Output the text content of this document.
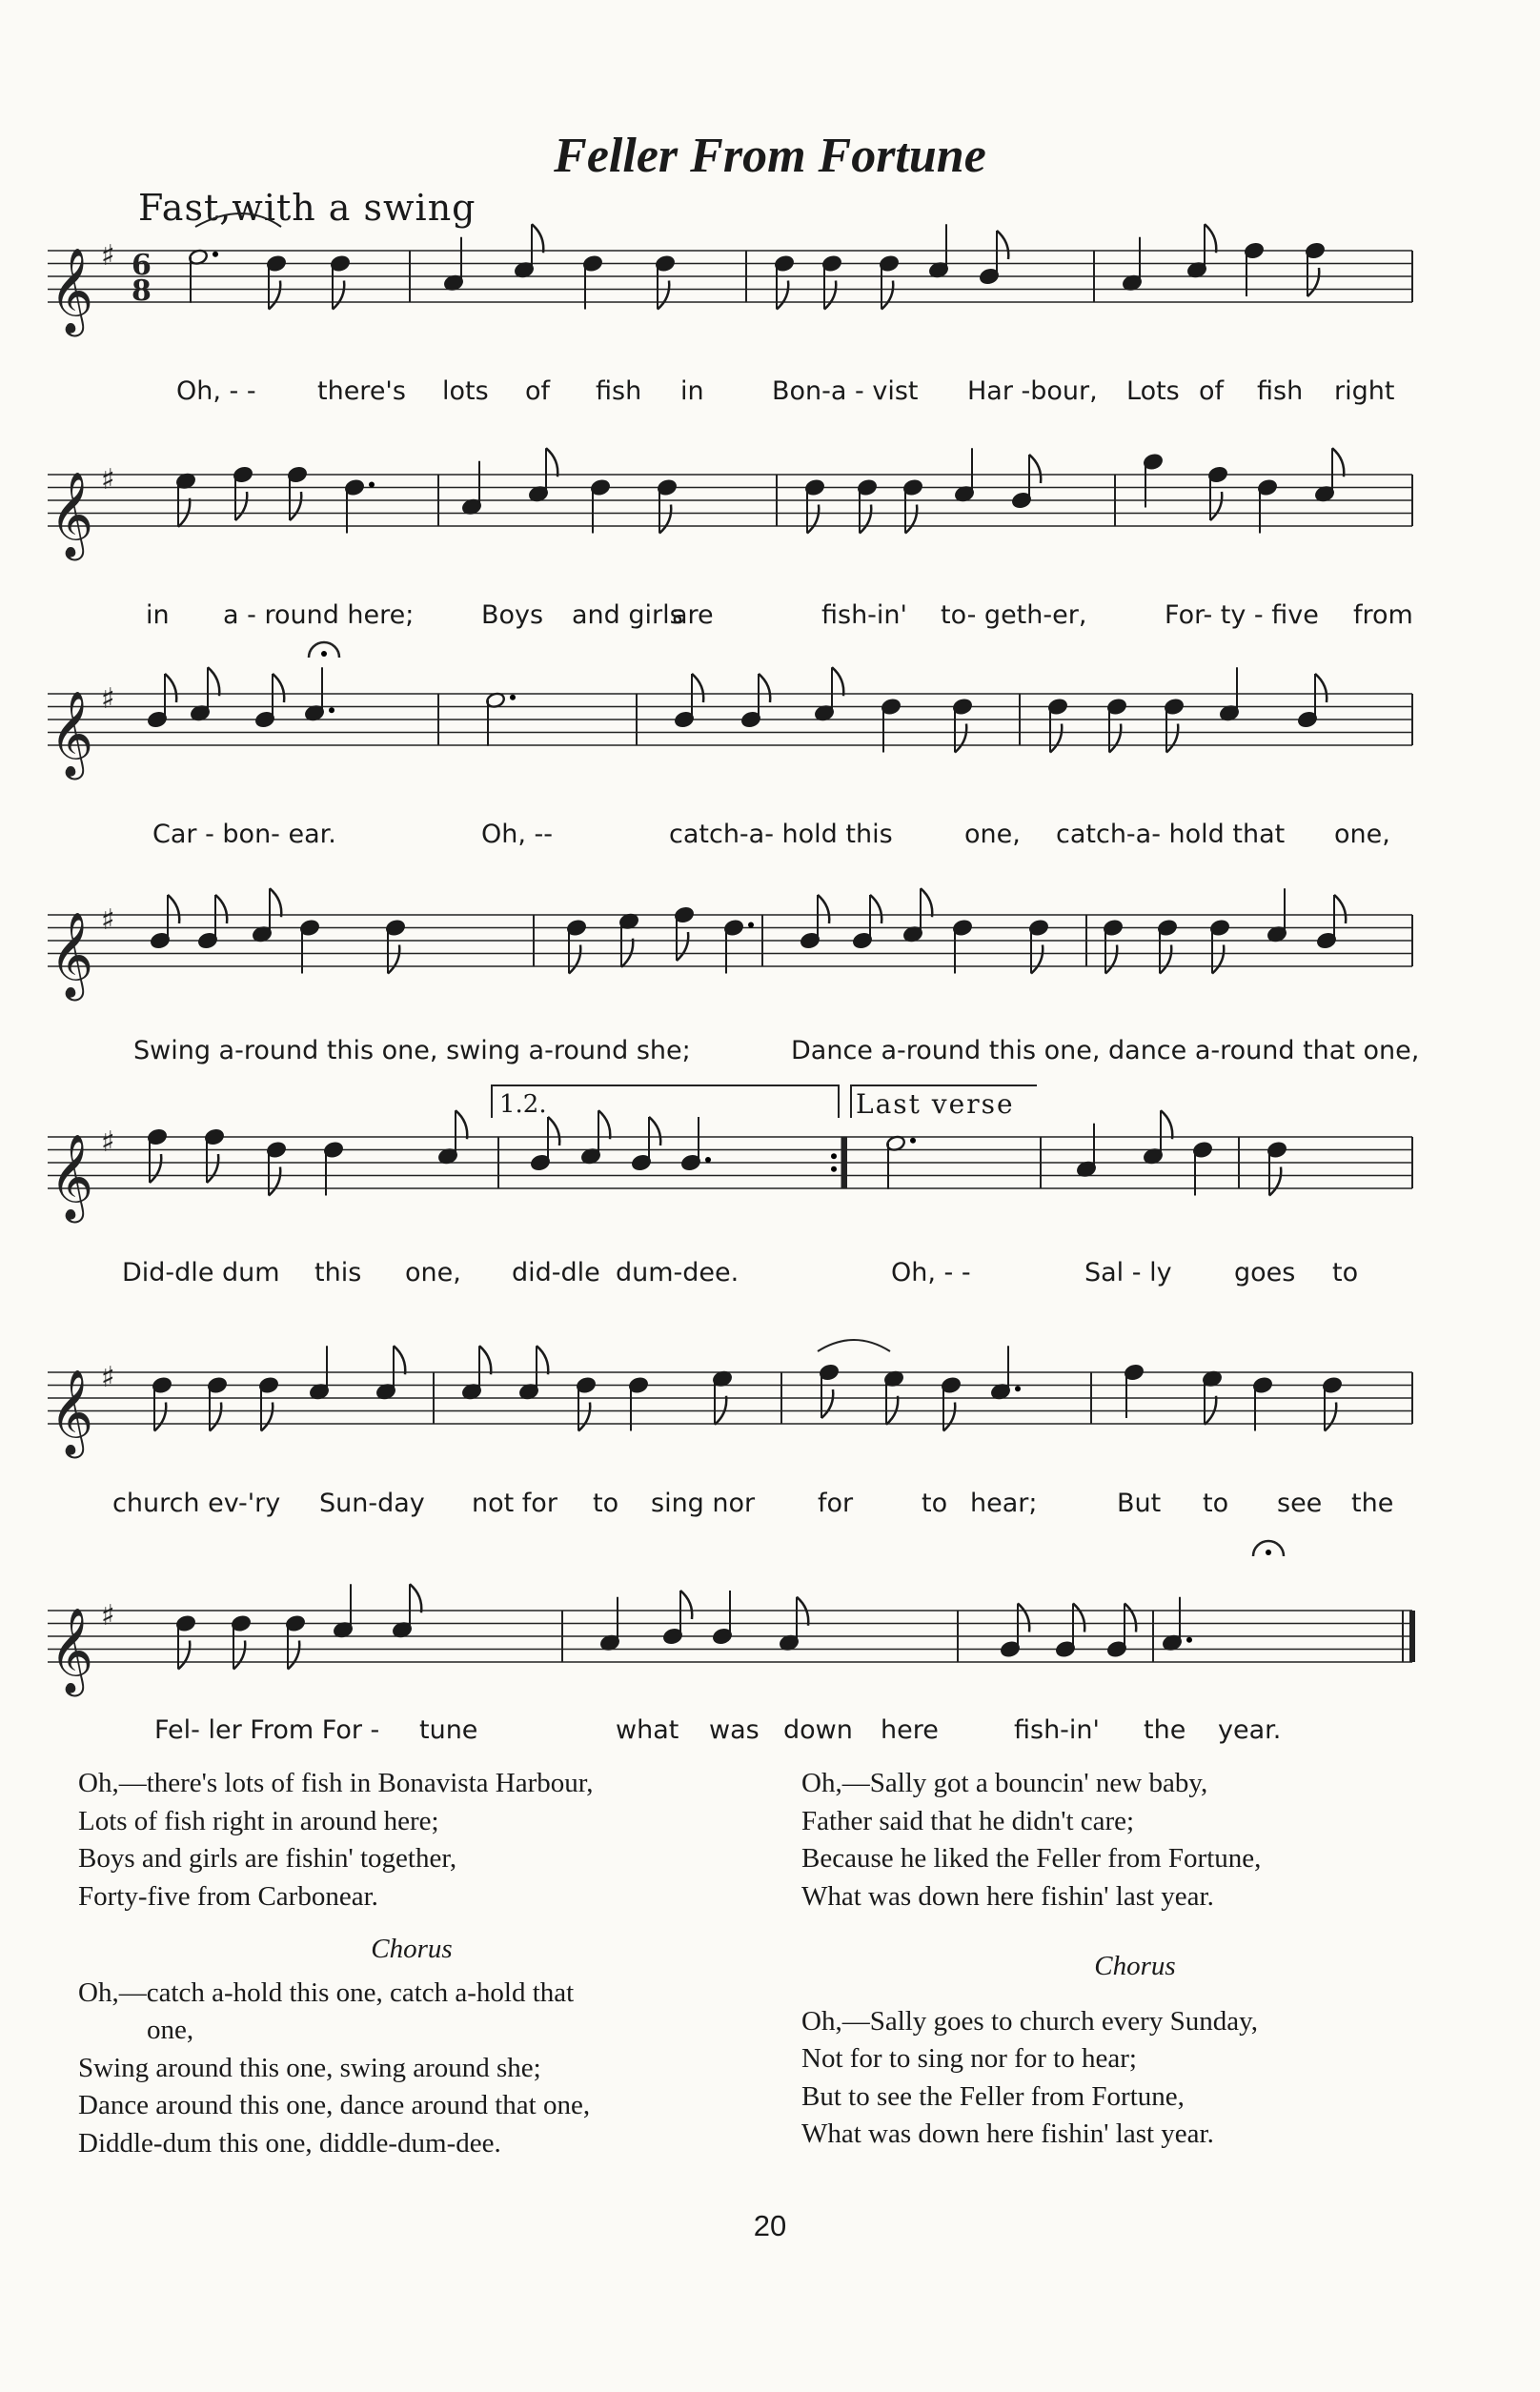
Feller From Fortune
Fast,with a swing
𝄞 ♯ 6
8
𝄞 ♯
𝄞 ♯
𝄞 ♯
𝄞 ♯
𝄞 ♯
𝄞 ♯
1.2.	Last verse
Oh, - - there's lots of fish in	Bon-a - vist Har -bour, Lots of fish right
in a - round here;	Boys and girls
are	fish-in' to- geth-er,	For- ty - five from
Car - bon- ear.	Oh, --	catch-a- hold this	one, catch-a- hold that one,
Swing a-round this one, swing a-round she;	Dance a-round this one, dance a-round that one,
Did-dle dum this one, did-dle dum-dee.	Oh, - -	Sal - ly goes to
church ev-'ry Sun-day not for to sing nor for	to hear;	But to see the
Fel- ler From For - tune	what was down here	fish-in' the year.

Oh,—there's lots of fish in Bonavista Harbour,

Lots of fish right in around here;

Boys and girls are fishin' together,

Forty-five from Carbonear.

Chorus

Oh,—catch a-hold this one, catch a-hold that

one,

Swing around this one, swing around she;

Dance around this one, dance around that one,

Diddle-dum this one, diddle-dum-dee.

Oh,—Sally got a bouncin' new baby,

Father said that he didn't care;

Because he liked the Feller from Fortune,

What was down here fishin' last year.

Chorus

Oh,—Sally goes to church every Sunday,

Not for to sing nor for to hear;

But to see the Feller from Fortune,

What was down here fishin' last year.

20
